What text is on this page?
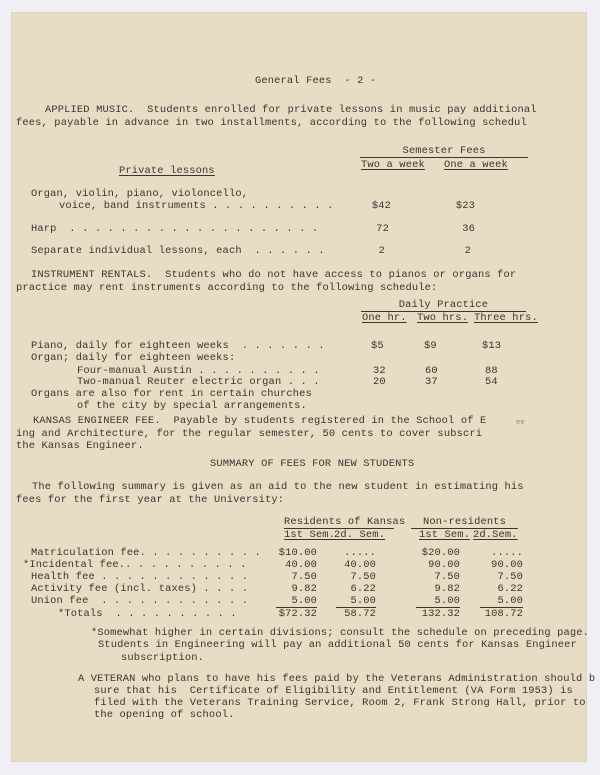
General Fees  - 2 -
APPLIED MUSIC.  Students enrolled for private lessons in music pay additional
fees, payable in advance in two installments, according to the following schedul
Semester Fees
Private lessons	Two a week One a week
Organ, violin, piano, violoncello,
voice, band instruments . . . . . . . . . .	$42	$23
Harp  . . . . . . . . . . . . . . . . . . . .	72	36
Separate individual lessons, each  . . . . . .	2	2
INSTRUMENT RENTALS.  Students who do not have access to pianos or organs for
practice may rent instruments according to the following schedule:
Daily Practice
One hr. Two hrs. Three hrs.
Piano, daily for eighteen weeks  . . . . . . .	$5	$9	$13
Organ; daily for eighteen weeks:
Four-manual Austin . . . . . . . . . .	32	60	88
Two-manual Reuter electric organ . . .	20	37	54
Organs are also for rent in certain churches
of the city by special arrangements.
KANSAS ENGINEER FEE.  Payable by students registered in the School of E	ee
ing and Architecture, for the regular semester, 50 cents to cover subscri
the Kansas Engineer.
SUMMARY OF FEES FOR NEW STUDENTS
The following summary is given as an aid to the new student in estimating his
fees for the first year at the University:
Residents of Kansas	Non-residents
1st Sem.
2d. Sem.	1st Sem. 2d.Sem.
Matriculation fee. . . . . . . . . . $10.00	.....	$20.00	.....
*Incidental fee.. . . . . . . . . .	40.00	40.00	90.00	90.00
Health fee . . . . . . . . . . . .	7.50	7.50	7.50	7.50
Activity fee (incl. taxes) . . . .	9.82	6.22	9.82	6.22
Union fee  . . . . . . . . . . . .	5.00	5.00	5.00	5.00
*Totals  . . . . . . . . . .	$72.32	58.72	132.32	108.72
*Somewhat higher in certain divisions; consult the schedule on preceding page.
Students in Engineering will pay an additional 50 cents for Kansas Engineer
subscription.
A VETERAN who plans to have his fees paid by the Veterans Administration should b
sure that his  Certificate of Eligibility and Entitlement (VA Form 1953) is
filed with the Veterans Training Service, Room 2, Frank Strong Hall, prior to
the opening of school.
